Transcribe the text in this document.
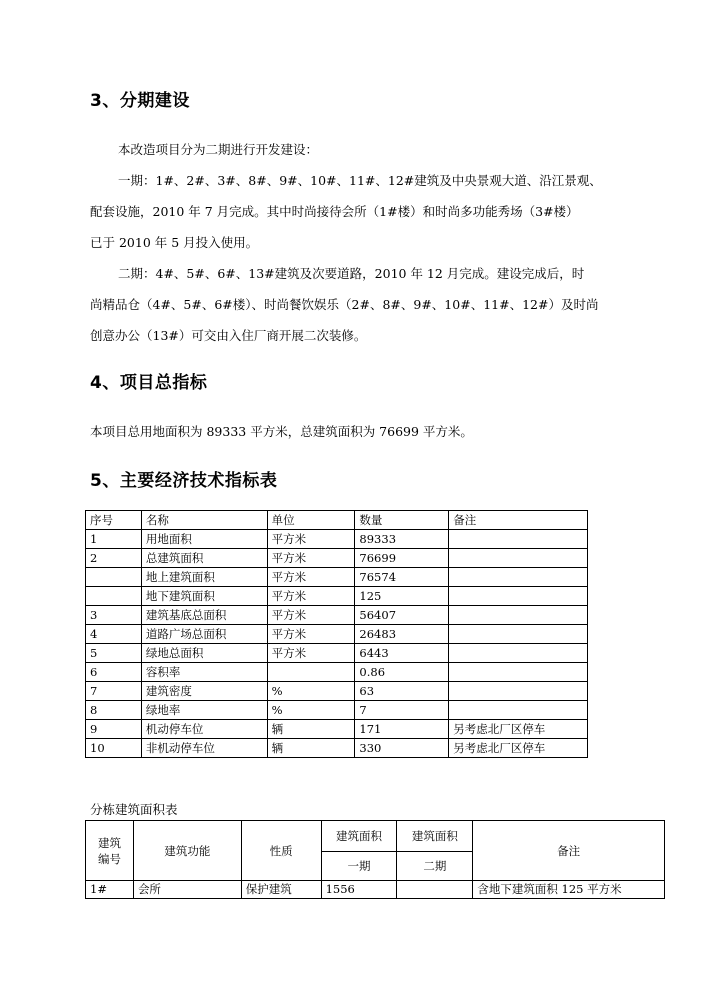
3、分期建设

本改造项目分为二期进行开发建设：
一期：1#、2#、3#、8#、9#、10#、11#、12#建筑及中央景观大道、沿江景观、
配套设施，2010 年 7 月完成。其中时尚接待会所（1#楼）和时尚多功能秀场（3#楼）
已于 2010 年 5 月投入使用。
二期：4#、5#、6#、13#建筑及次要道路，2010 年 12 月完成。建设完成后，时
尚精品仓（4#、5#、6#楼）、时尚餐饮娱乐（2#、8#、9#、10#、11#、12#）及时尚
创意办公（13#）可交由入住厂商开展二次装修。

4、项目总指标

本项目总用地面积为 89333 平方米，总建筑面积为 76699 平方米。

5、主要经济技术指标表
序号	名称	单位	数量	备注
1	用地面积	平方米	89333	
2	总建筑面积	平方米	76699	
	地上建筑面积	平方米	76574	
	地下建筑面积	平方米	125	
3	建筑基底总面积	平方米	56407	
4	道路广场总面积	平方米	26483	
5	绿地总面积	平方米	6443	
6	容积率		0.86	
7	建筑密度	%	63	
8	绿地率	%	7	
9	机动停车位	辆	171	另考虑北厂区停车
10	非机动停车位	辆	330	另考虑北厂区停车
分栋建筑面积表
建筑
编号	建筑功能	性质	建筑面积	建筑面积	备注
			一期	二期	
1#	会所	保护建筑	1556		含地下建筑面积 125 平方米
